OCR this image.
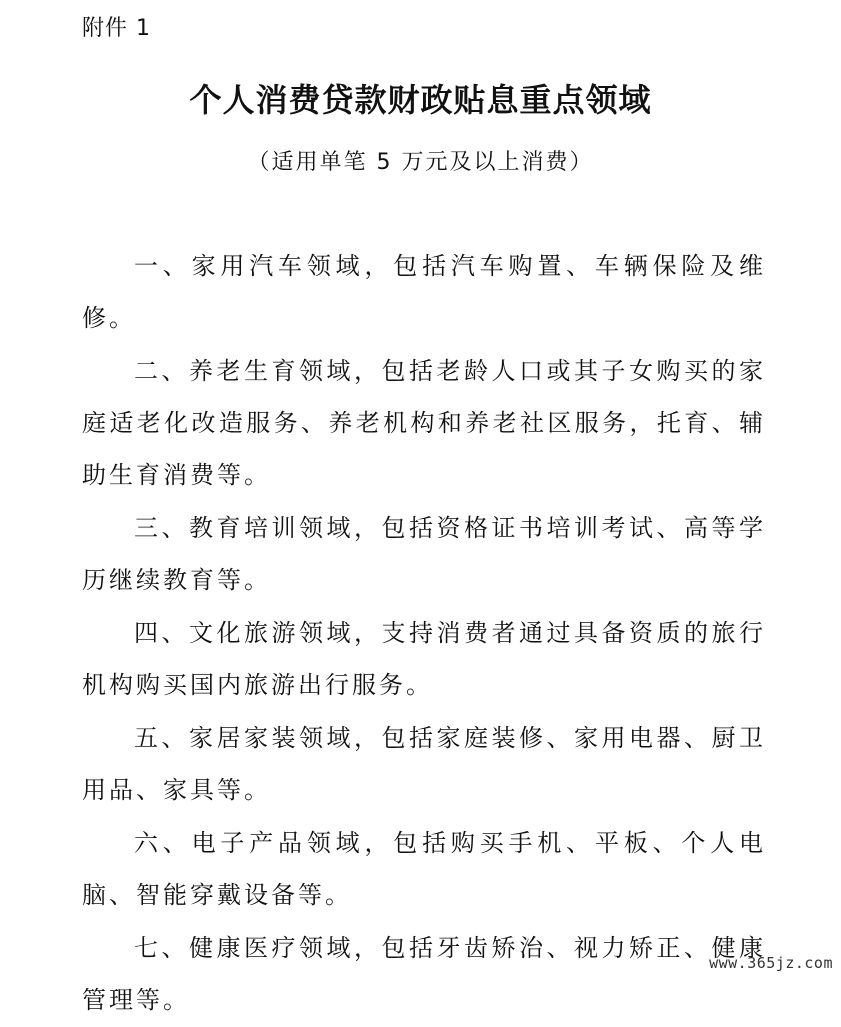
附件 1
个人消费贷款财政贴息重点领域
（适用单笔 5 万元及以上消费）

一、家用汽车领域，包括汽车购置、车辆保险及维修。

二、养老生育领域，包括老龄人口或其子女购买的家庭适老化改造服务、养老机构和养老社区服务，托育、辅助生育消费等。

三、教育培训领域，包括资格证书培训考试、高等学历继续教育等。

四、文化旅游领域，支持消费者通过具备资质的旅行机构购买国内旅游出行服务。

五、家居家装领域，包括家庭装修、家用电器、厨卫用品、家具等。

六、电子产品领域，包括购买手机、平板、个人电脑、智能穿戴设备等。

七、健康医疗领域，包括牙齿矫治、视力矫正、健康管理等。

www.365jz.com
